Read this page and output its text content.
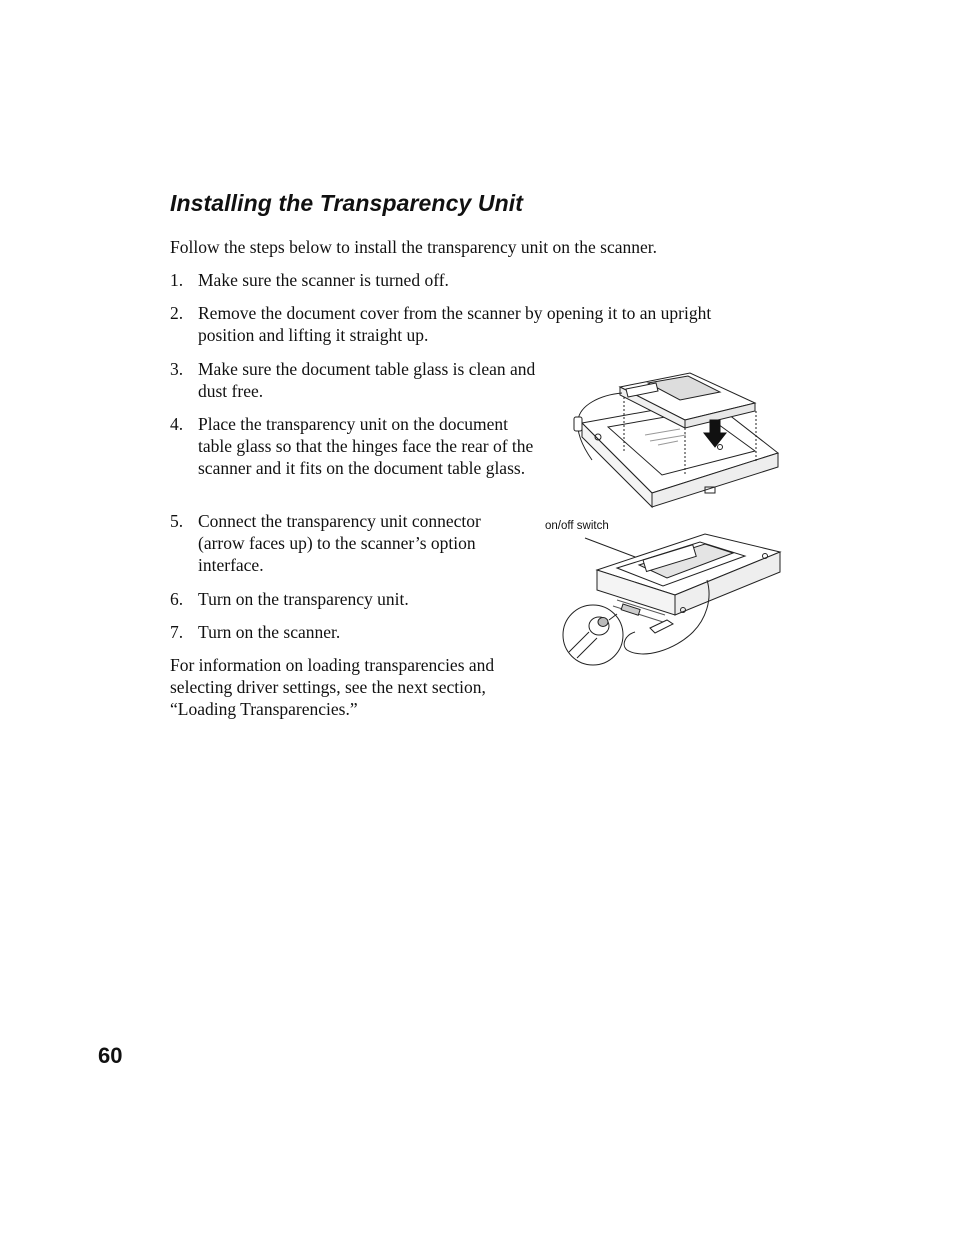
Installing the Transparency Unit

Follow the steps below to install the transparency unit on the scanner.

1. Make sure the scanner is turned off.
2. Remove the document cover from the scanner by opening it to an upright
position and lifting it straight up.
3. Make sure the document table glass is clean and
dust free.
4. Place the transparency unit on the document
table glass so that the hinges face the rear of the
scanner and it fits on the document table glass.
5. Connect the transparency unit connector
(arrow faces up) to the scanner’s option
interface.
6. Turn on the transparency unit.
7. Turn on the scanner.
For information on loading transparencies and
selecting driver settings, see the next section,
“Loading Transparencies.”
on/off switch
60
